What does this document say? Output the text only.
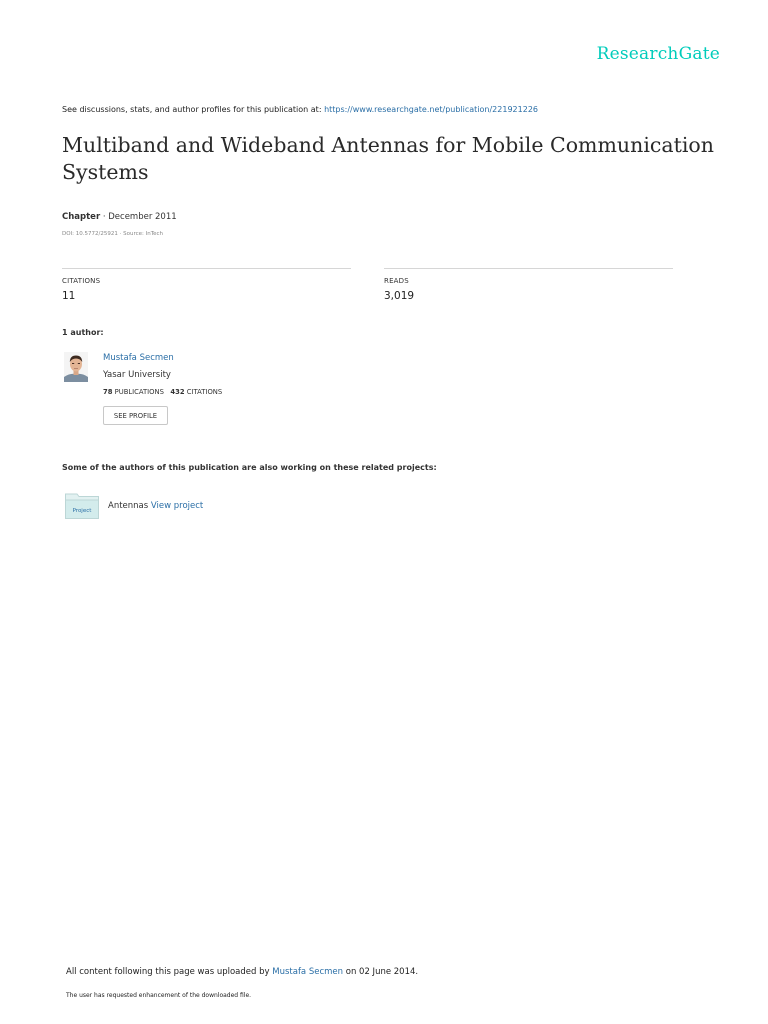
ResearchGate
See discussions, stats, and author profiles for this publication at: https://www.researchgate.net/publication/221921226
Multiband and Wideband Antennas for Mobile Communication Systems
Chapter · December 2011
DOI: 10.5772/25921 · Source: InTech
CITATIONS
11
READS
3,019
1 author:
Mustafa Secmen
Yasar University
78 PUBLICATIONS 432 CITATIONS
SEE PROFILE
Some of the authors of this publication are also working on these related projects:
Project Antennas View project
All content following this page was uploaded by Mustafa Secmen on 02 June 2014.
The user has requested enhancement of the downloaded file.
